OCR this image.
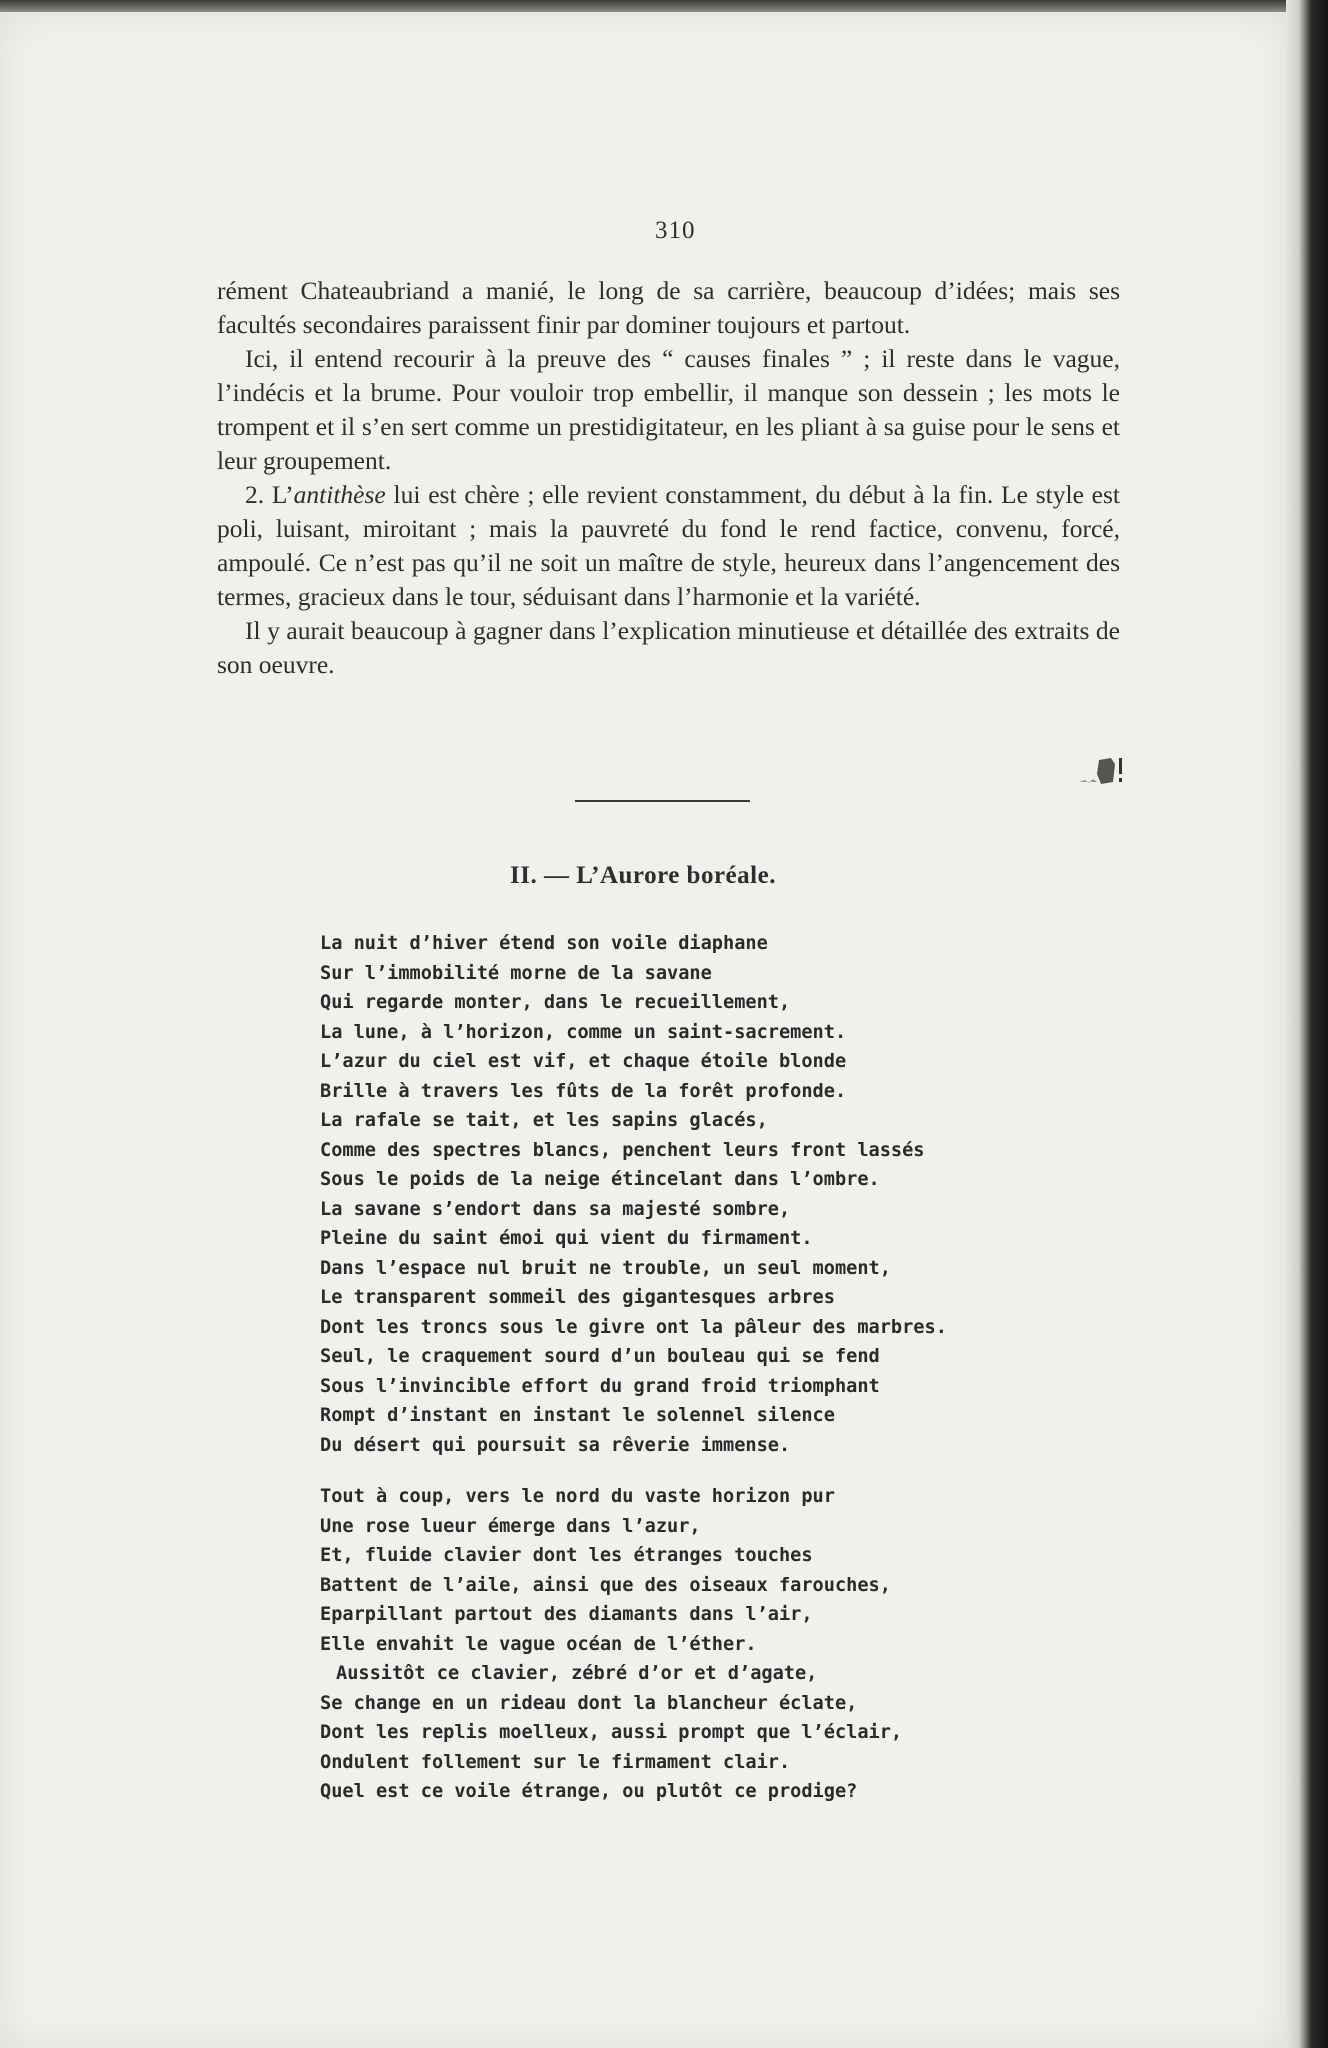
310

rément Chateaubriand a manié, le long de sa carrière, beaucoup d’idées; mais ses facultés secondaires paraissent finir par dominer toujours et partout.

Ici, il entend recourir à la preuve des “ causes finales ” ; il reste dans le vague, l’indécis et la brume. Pour vouloir trop embellir, il manque son dessein ; les mots le trompent et il s’en sert comme un prestidigitateur, en les pliant à sa guise pour le sens et leur groupement.

2. L’antithèse lui est chère ; elle revient constamment, du début à la fin. Le style est poli, luisant, miroitant ; mais la pauvreté du fond le rend factice, convenu, forcé, ampoulé. Ce n’est pas qu’il ne soit un maître de style, heureux dans l’angencement des termes, gracieux dans le tour, séduisant dans l’harmonie et la variété.

Il y aurait beaucoup à gagner dans l’explication minutieuse et détaillée des extraits de son oeuvre.

II. — L’Aurore boréale.
La nuit d’hiver étend son voile diaphane
Sur l’immobilité morne de la savane
Qui regarde monter, dans le recueillement,
La lune, à l’horizon, comme un saint-sacrement.
L’azur du ciel est vif, et chaque étoile blonde
Brille à travers les fûts de la forêt profonde.
La rafale se tait, et les sapins glacés,
Comme des spectres blancs, penchent leurs front lassés
Sous le poids de la neige étincelant dans l’ombre.
La savane s’endort dans sa majesté sombre,
Pleine du saint émoi qui vient du firmament.
Dans l’espace nul bruit ne trouble, un seul moment,
Le transparent sommeil des gigantesques arbres
Dont les troncs sous le givre ont la pâleur des marbres.
Seul, le craquement sourd d’un bouleau qui se fend
Sous l’invincible effort du grand froid triomphant
Rompt d’instant en instant le solennel silence
Du désert qui poursuit sa rêverie immense.
Tout à coup, vers le nord du vaste horizon pur
Une rose lueur émerge dans l’azur,
Et, fluide clavier dont les étranges touches
Battent de l’aile, ainsi que des oiseaux farouches,
Eparpillant partout des diamants dans l’air,
Elle envahit le vague océan de l’éther.
Aussitôt ce clavier, zébré d’or et d’agate,
Se change en un rideau dont la blancheur éclate,
Dont les replis moelleux, aussi prompt que l’éclair,
Ondulent follement sur le firmament clair.
Quel est ce voile étrange, ou plutôt ce prodige?
